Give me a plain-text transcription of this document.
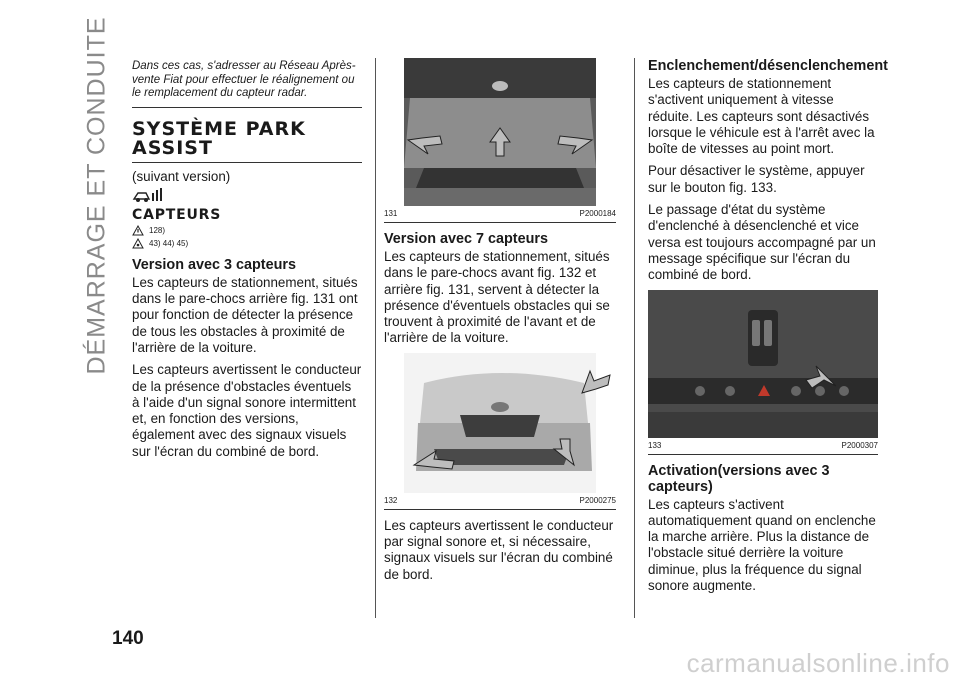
DÉMARRAGE ET CONDUITE Dans ces cas, s'adresser au Réseau Après-vente Fiat pour effectuer le réalignement ou le remplacement du capteur radar.
SYSTÈME PARK
ASSIST

(suivant version)

CAPTEURS
128)
43) 44) 45)
Version avec 3 capteurs

Les capteurs de stationnement, situés dans le pare-chocs arrière fig. 131 ont pour fonction de détecter la présence de tous les obstacles à proximité de l'arrière de la voiture.

Les capteurs avertissent le conducteur de la présence d'obstacles éventuels à l'aide d'un signal sonore intermittent et, en fonction des versions, également avec des signaux visuels sur l'écran du combiné de bord.

131	P2000184
Version avec 7 capteurs

Les capteurs de stationnement, situés dans le pare-chocs avant fig. 132 et arrière fig. 131, servent à détecter la présence d'éventuels obstacles qui se trouvent à proximité de l'avant et de l'arrière de la voiture.

132	P2000275

Les capteurs avertissent le conducteur par signal sonore et, si nécessaire, signaux visuels sur l'écran du combiné de bord.

Enclenchement/désenclenchement

Les capteurs de stationnement s'activent uniquement à vitesse réduite. Les capteurs sont désactivés lorsque le véhicule est à l'arrêt avec la boîte de vitesses au point mort.

Pour désactiver le système, appuyer sur le bouton fig. 133.

Le passage d'état du système d'enclenché à désenclenché et vice versa est toujours accompagné par un message spécifique sur l'écran du combiné de bord.

133	P2000307
Activation(versions avec 3 capteurs)

Les capteurs s'activent automatiquement quand on enclenche la marche arrière. Plus la distance de l'obstacle situé derrière la voiture diminue, plus la fréquence du signal sonore augmente.

140
carmanualsonline.info
